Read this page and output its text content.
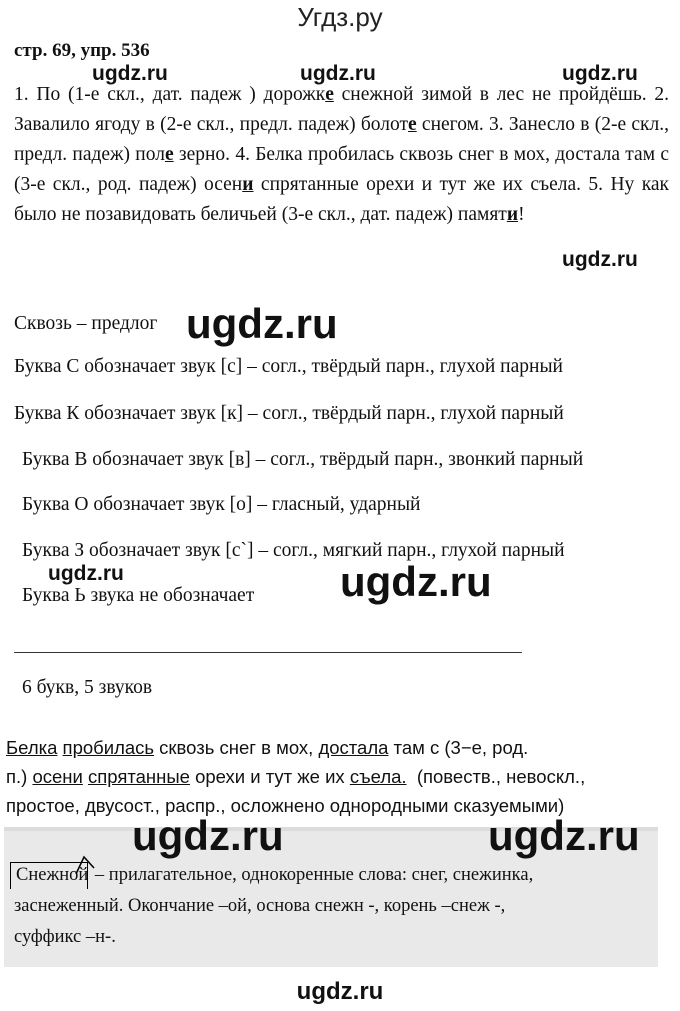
Угдз.ру
стр. 69, упр. 536
ugdz.ru	ugdz.ru	ugdz.ru
1. По (1-е скл., дат. падеж ) дорожке снежной зимой в лес не пройдёшь. 2. Завалило ягоду в (2-е скл., предл. падеж) болоте снегом. 3. Занесло в (2-е скл., предл. падеж) поле зерно. 4. Белка пробилась сквозь снег в мох, достала там с (3-е скл., род. падеж) осени спрятанные орехи и тут же их съела. 5. Ну как было не позавидовать беличьей (3-е скл., дат. падеж) памяти!
ugdz.ru
Сквозь – предлог ugdz.ru
Буква С обозначает звук [с] – согл., твёрдый парн., глухой парный
Буква К обозначает звук [к] – согл., твёрдый парн., глухой парный
Буква В обозначает звук [в] – согл., твёрдый парн., звонкий парный
Буква О обозначает звук [о] – гласный, ударный
Буква З обозначает звук [с`] – согл., мягкий парн., глухой парный
ugdz.ru	ugdz.ru
Буква Ь звука не обозначает
6 букв, 5 звуков
Белка пробилась сквозь снег в мох, достала там с (3−е, род.
п.) осени спрятанные орехи и тут же их съела.  (повеств., невоскл.,
простое, двусост., распр., осложнено однородными сказуемыми)
ugdz.ru	ugdz.ru
Снежной
– прилагательное, однокоренные слова: снег, снежинка,
заснеженный. Окончание –ой, основа снежн -, корень –снеж -,
суффикс –н-.
ugdz.ru
